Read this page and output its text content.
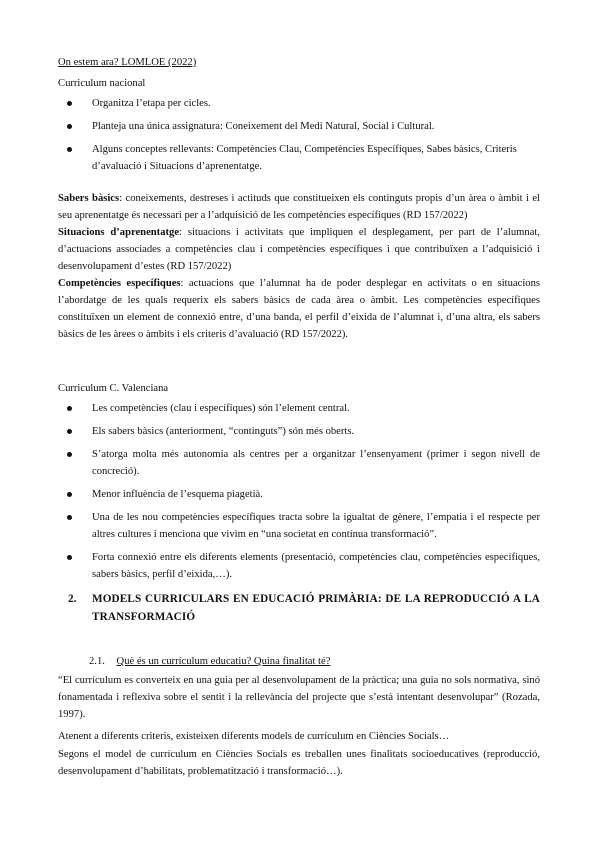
On estem ara? LOMLOE (2022)

Curriculum nacional

Organitza l’etapa per cicles.
Planteja una única assignatura: Coneixement del Medi Natural, Social i Cultural.
Alguns conceptes rellevants: Competències Clau, Competències Específiques, Sabes bàsics, Criteris d’avaluació i Situacions d’aprenentatge.

Sabers bàsics: coneixements, destreses i actituds que constitueixen els continguts propis d’un àrea o àmbit i el seu aprenentatge és necessari per a l’adquisició de les competències específiques (RD 157/2022)

Situacions d’aprenentatge: situacions i activitats que impliquen el desplegament, per part de l’alumnat, d’actuacions associades a competències clau i competències específiques i que contribuïxen a l’adquisició i desenvolupament d’estes (RD 157/2022)

Competències específiques: actuacions que l’alumnat ha de poder desplegar en activitats o en situacions l’abordatge de les quals requerix els sabers bàsics de cada àrea o àmbit. Les competències específiques constituïxen un element de connexió entre, d’una banda, el perfil d’eixida de l’alumnat i, d’una altra, els sabers bàsics de les àrees o àmbits i els criteris d’avaluació (RD 157/2022).

Curriculum C. Valenciana

Les competències (clau i específiques) són l’element central.
Els sabers bàsics (anteriorment, “continguts”) són més oberts.
S’atorga molta més autonomia als centres per a organitzar l’ensenyament (primer i segon nivell de concreció).
Menor influència de l’esquema piagetià.
Una de les nou competències específiques tracta sobre la igualtat de gènere, l’empatia i el respecte per altres cultures i menciona que vivim en “una societat en contínua transformació”.
Forta connexió entre els diferents elements (presentació, competències clau, competències específiques, sabers bàsics, perfil d’eixida,…).
2.	MODELS CURRICULARS EN EDUCACIÓ PRIMÀRIA: DE LA REPRODUCCIÓ A LA TRANSFORMACIÓ
2.1. Què és un currículum educatiu? Quina finalitat té?

“El currículum es converteix en una guia per al desenvolupament de la pràctica; una guia no sols normativa, sinó fonamentada i reflexiva sobre el sentit i la rellevància del projecte que s’està intentant desenvolupar” (Rozada, 1997).

Atenent a diferents criteris, existeixen diferents models de currículum en Ciències Socials…

Segons el model de currículum en Ciències Socials es treballen unes finalitats socioeducatives (reproducció, desenvolupament d’habilitats, problematització i transformació…).
